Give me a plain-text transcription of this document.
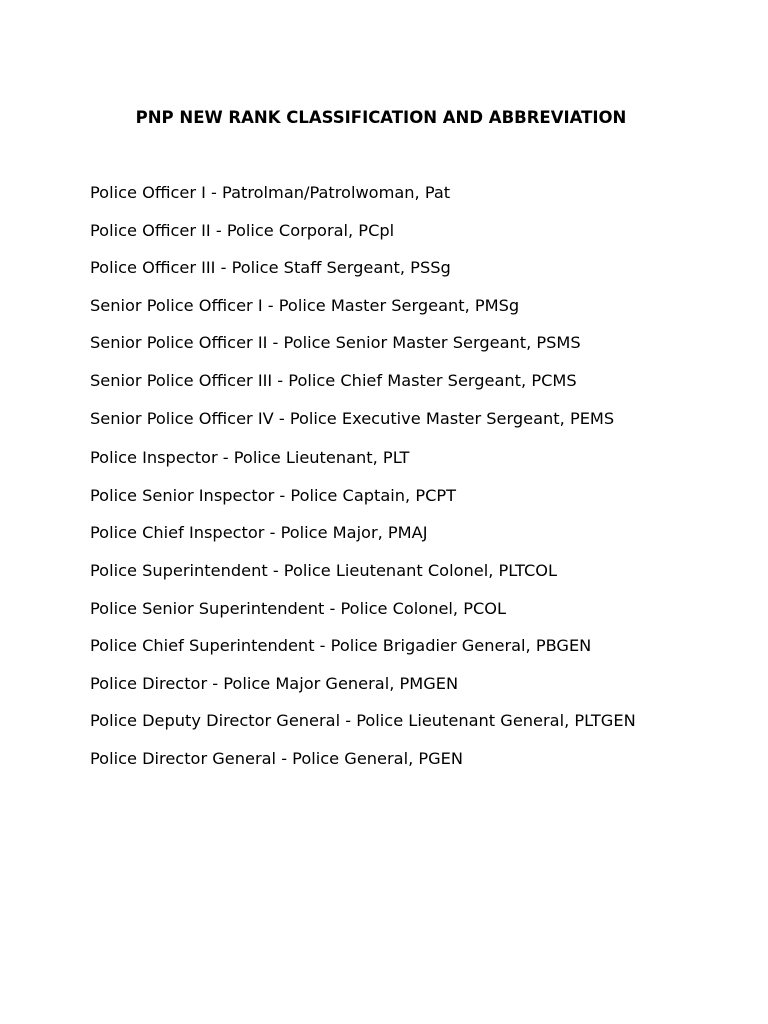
PNP NEW RANK CLASSIFICATION AND ABBREVIATION
Police Officer I - Patrolman/Patrolwoman, Pat
Police Officer II - Police Corporal, PCpl
Police Officer III - Police Staff Sergeant, PSSg
Senior Police Officer I - Police Master Sergeant, PMSg
Senior Police Officer II - Police Senior Master Sergeant, PSMS
Senior Police Officer III - Police Chief Master Sergeant, PCMS
Senior Police Officer IV - Police Executive Master Sergeant, PEMS
Police Inspector - Police Lieutenant, PLT
Police Senior Inspector - Police Captain, PCPT
Police Chief Inspector - Police Major, PMAJ
Police Superintendent - Police Lieutenant Colonel, PLTCOL
Police Senior Superintendent - Police Colonel, PCOL
Police Chief Superintendent - Police Brigadier General, PBGEN
Police Director - Police Major General, PMGEN
Police Deputy Director General - Police Lieutenant General, PLTGEN
Police Director General - Police General, PGEN
